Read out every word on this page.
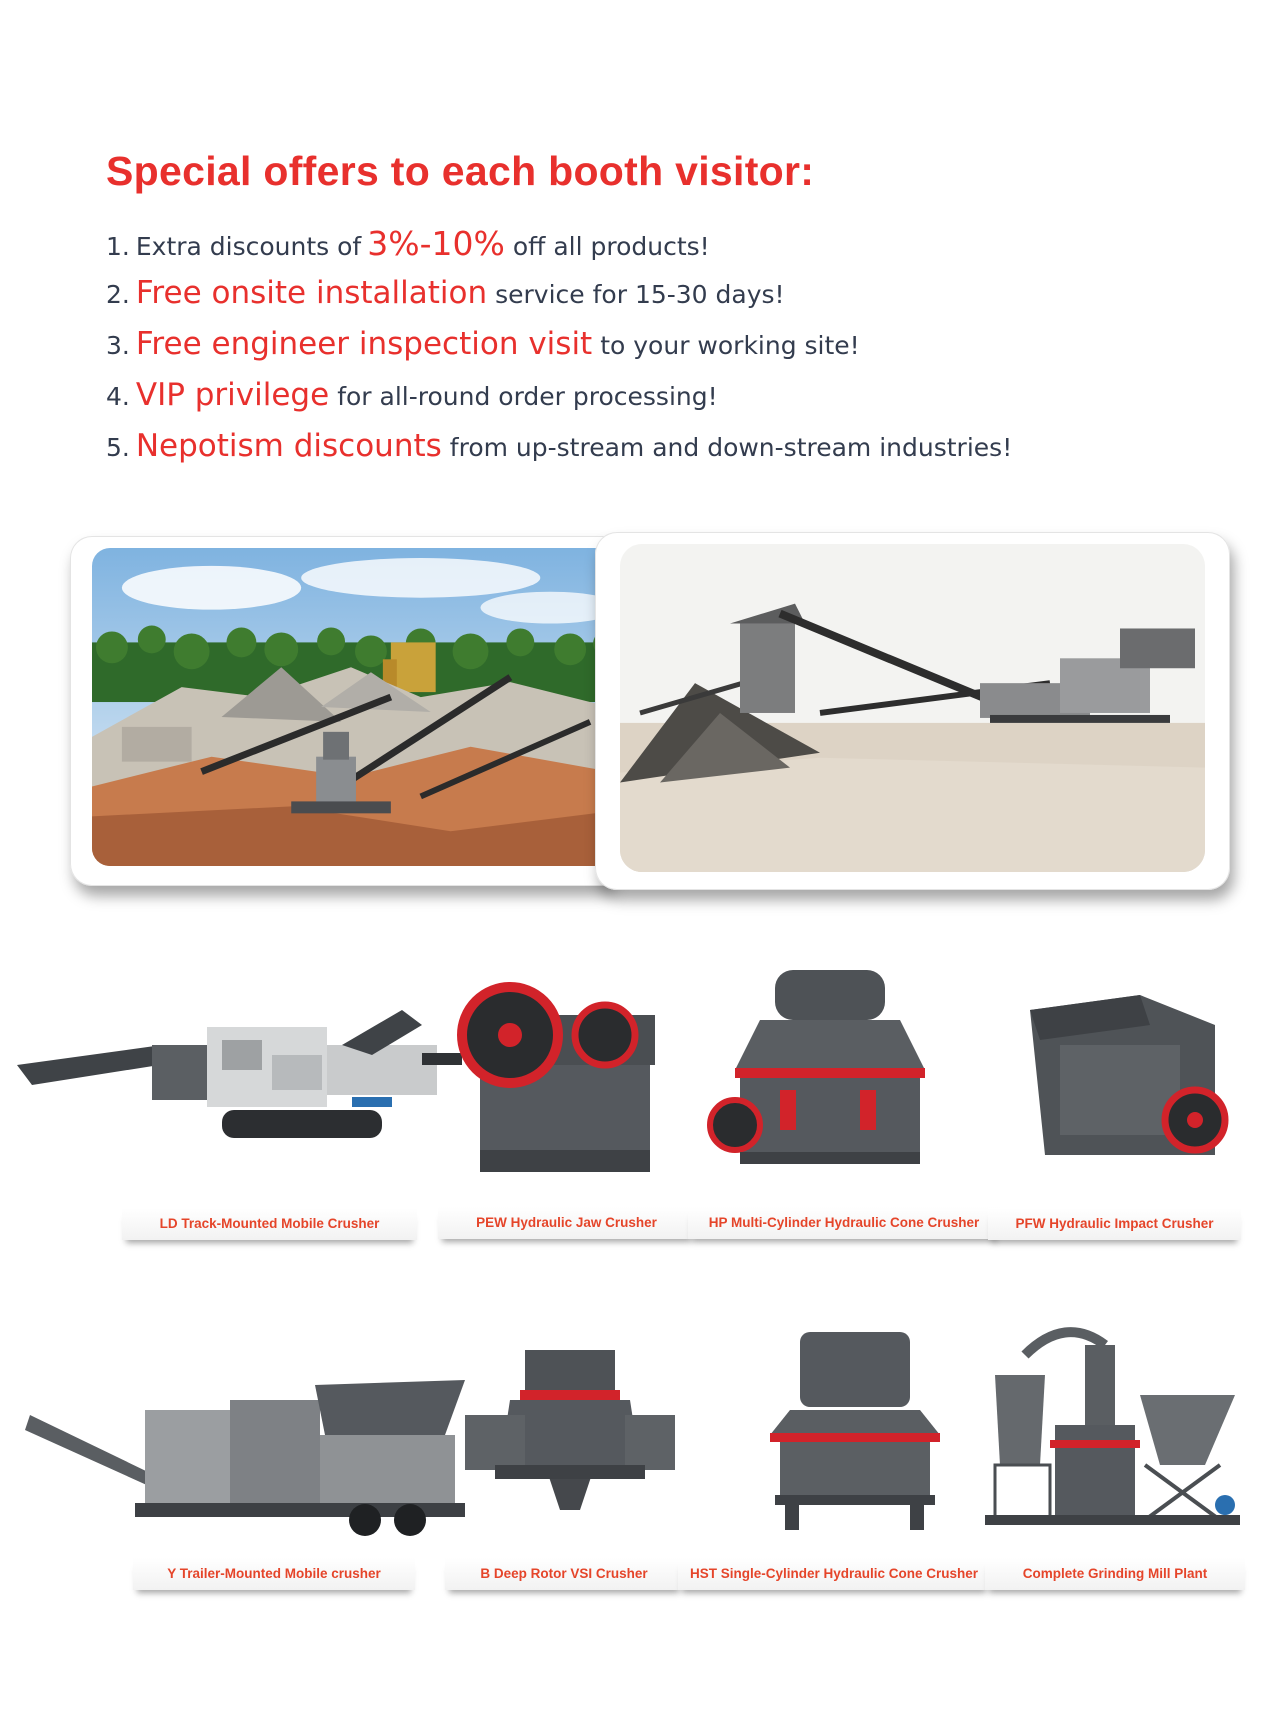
Special offers to each booth visitor:
1. Extra discounts of 3%-10% off all products!
2. Free onsite installation service for 15-30 days!
3. Free engineer inspection visit to your working site!
4. VIP privilege for all-round order processing!
5. Nepotism discounts from up-stream and down-stream industries!
LD Track-Mounted Mobile Crusher	PEW Hydraulic Jaw Crusher	HP Multi-Cylinder Hydraulic Cone Crusher	PFW Hydraulic Impact Crusher
Y Trailer-Mounted Mobile crusher	B Deep Rotor VSI Crusher	HST Single-Cylinder Hydraulic Cone Crusher	Complete Grinding Mill Plant
